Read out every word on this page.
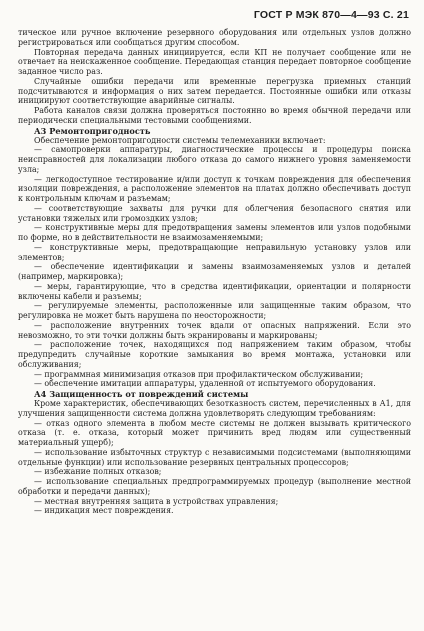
ГОСТ Р МЭК 870—4—93 С. 21

тическое или ручное включение резервного оборудования или отдельных узлов должно регистрироваться или сообщаться другим способом.

Повторная передача данных инициируется, если КП не получает сообщение или не отвечает на неискаженное сообщение. Передающая станция передает повторное сообщение заданное число раз.

Случайные ошибки передачи или временные перегрузка приемных станций подсчитываются и информация о них затем передается. Постоянные ошибки или отказы инициируют соответствующие аварийные сигналы.

Работа каналов связи должна проверяться постоянно во время обычной передачи или периодически специальными тестовыми сообщениями.

А3 Ремонтопригодность

Обеспечение ремонтопригодности системы телемеханики включает:

— самопроверки аппаратуры, диагностические процессы и процедуры поиска неисправностей для локализации любого отказа до самого нижнего уровня заменяемости узла;

— легкодоступное тестирование и/или доступ к точкам повреждения для обеспечения изоляции повреждения, а расположение элементов на платах должно обеспечивать доступ к контрольным ключам и разъемам;

— соответствующие захваты для ручки для облегчения безопасного снятия или установки тяжелых или громоздких узлов;

— конструктивные меры для предотвращения замены элементов или узлов подобными по форме, но в действительности не взаимозаменяемыми;

— конструктивные меры, предотвращающие неправильную установку узлов или элементов;

— обеспечение идентификации и замены взаимозаменяемых узлов и деталей (например, маркировка);

— меры, гарантирующие, что в средства идентификации, ориентации и полярности включены кабели и разъемы;

— регулируемые элементы, расположенные или защищенные таким образом, что регулировка не может быть нарушена по неосторожности;

— расположение внутренних точек вдали от опасных напряжений. Если это невозможно, то эти точки должны быть экранированы и маркированы;

— расположение точек, находящихся под напряжением таким образом, чтобы предупредить случайные короткие замыкания во время монтажа, установки или обслуживания;

— программная минимизация отказов при профилактическом обслуживании;

— обеспечение имитации аппаратуры, удаленной от испытуемого оборудования.

А4 Защищенность от повреждений системы

Кроме характеристик, обеспечивающих безотказность систем, перечисленных в А1, для улучшения защищенности система должна удовлетворять следующим требованиям:

— отказ одного элемента в любом месте системы не должен вызывать критического отказа (т. е. отказа, который может причинить вред людям или существенный материальный ущерб);

— использование избыточных структур с независимыми подсистемами (выполняющими отдельные функции) или использование резервных центральных процессоров;

— избежание полных отказов;

— использование специальных предпрограммируемых процедур (выполнение местной обработки и передачи данных);

— местная внутренняя защита в устройствах управления;

— индикация мест повреждения.
